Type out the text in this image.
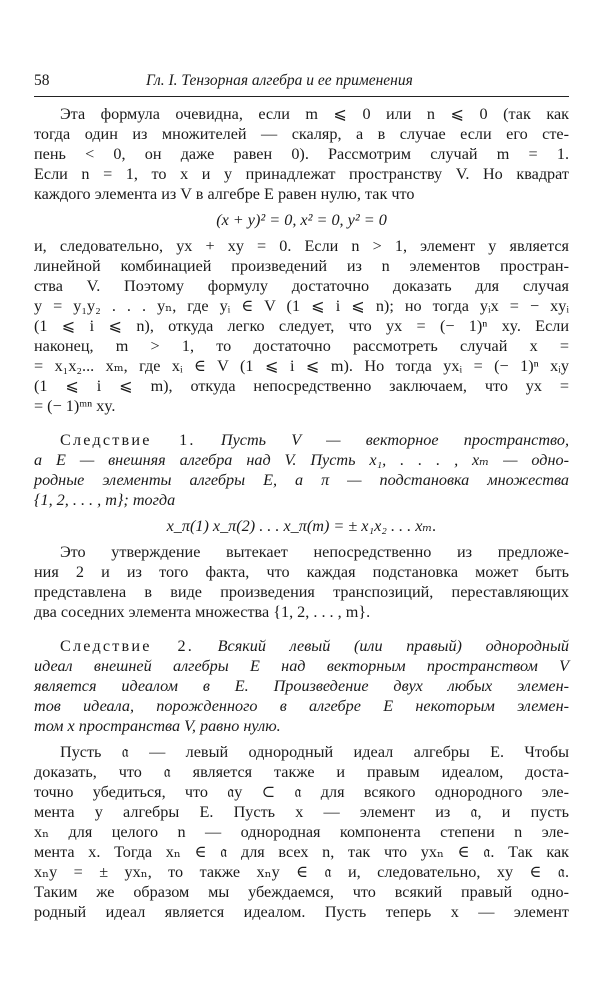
58	Гл. I. Тензорная алгебра и ее применения
Эта формула очевидна, если m ⩽ 0 или n ⩽ 0 (так как
тогда один из множителей — скаляр, а в случае если его сте-
пень < 0, он даже равен 0). Рассмотрим случай m = 1.
Если n = 1, то x и y принадлежат пространству V. Но квадрат
каждого элемента из V в алгебре E равен нулю, так что
(x + y)² = 0, x² = 0, y² = 0
и, следовательно, yx + xy = 0. Если n > 1, элемент y является
линейной комбинацией произведений из n элементов простран-
ства V. Поэтому формулу достаточно доказать для случая
y = y₁y₂ . . . yₙ, где yᵢ ∈ V (1 ⩽ i ⩽ n); но тогда yᵢx = − xyᵢ
(1 ⩽ i ⩽ n), откуда легко следует, что yx = (− 1)ⁿ xy. Если
наконец, m > 1, то достаточно рассмотреть случай x =
= x₁x₂... xₘ, где xᵢ ∈ V (1 ⩽ i ⩽ m). Но тогда yxᵢ = (− 1)ⁿ xᵢy
(1 ⩽ i ⩽ m), откуда непосредственно заключаем, что yx =
= (− 1)ᵐⁿ xy.
Следствие 1. Пусть V — векторное пространство,
a E — внешняя алгебра над V. Пусть x₁, . . . , xₘ — одно-
родные элементы алгебры E, а π — подстановка множества
{1, 2, . . . , m}; тогда
x_π(1) x_π(2) . . . x_π(m) = ± x₁x₂ . . . xₘ.
Это утверждение вытекает непосредственно из предложе-
ния 2 и из того факта, что каждая подстановка может быть
представлена в виде произведения транспозиций, переставляющих
два соседних элемента множества {1, 2, . . . , m}.
Следствие 2. Всякий левый (или правый) однородный
идеал внешней алгебры E над векторным пространством V
является идеалом в E. Произведение двух любых элемен-
тов идеала, порожденного в алгебре E некоторым элемен-
том x пространства V, равно нулю.
Пусть 𝔞 — левый однородный идеал алгебры E. Чтобы
доказать, что 𝔞 является также и правым идеалом, доста-
точно убедиться, что 𝔞y ⊂ 𝔞 для всякого однородного эле-
мента y алгебры E. Пусть x — элемент из 𝔞, и пусть
xₙ для целого n — однородная компонента степени n эле-
мента x. Тогда xₙ ∈ 𝔞 для всех n, так что yxₙ ∈ 𝔞. Так как
xₙy = ± yxₙ, то также xₙy ∈ 𝔞 и, следовательно, xy ∈ 𝔞.
Таким же образом мы убеждаемся, что всякий правый одно-
родный идеал является идеалом. Пусть теперь x — элемент
